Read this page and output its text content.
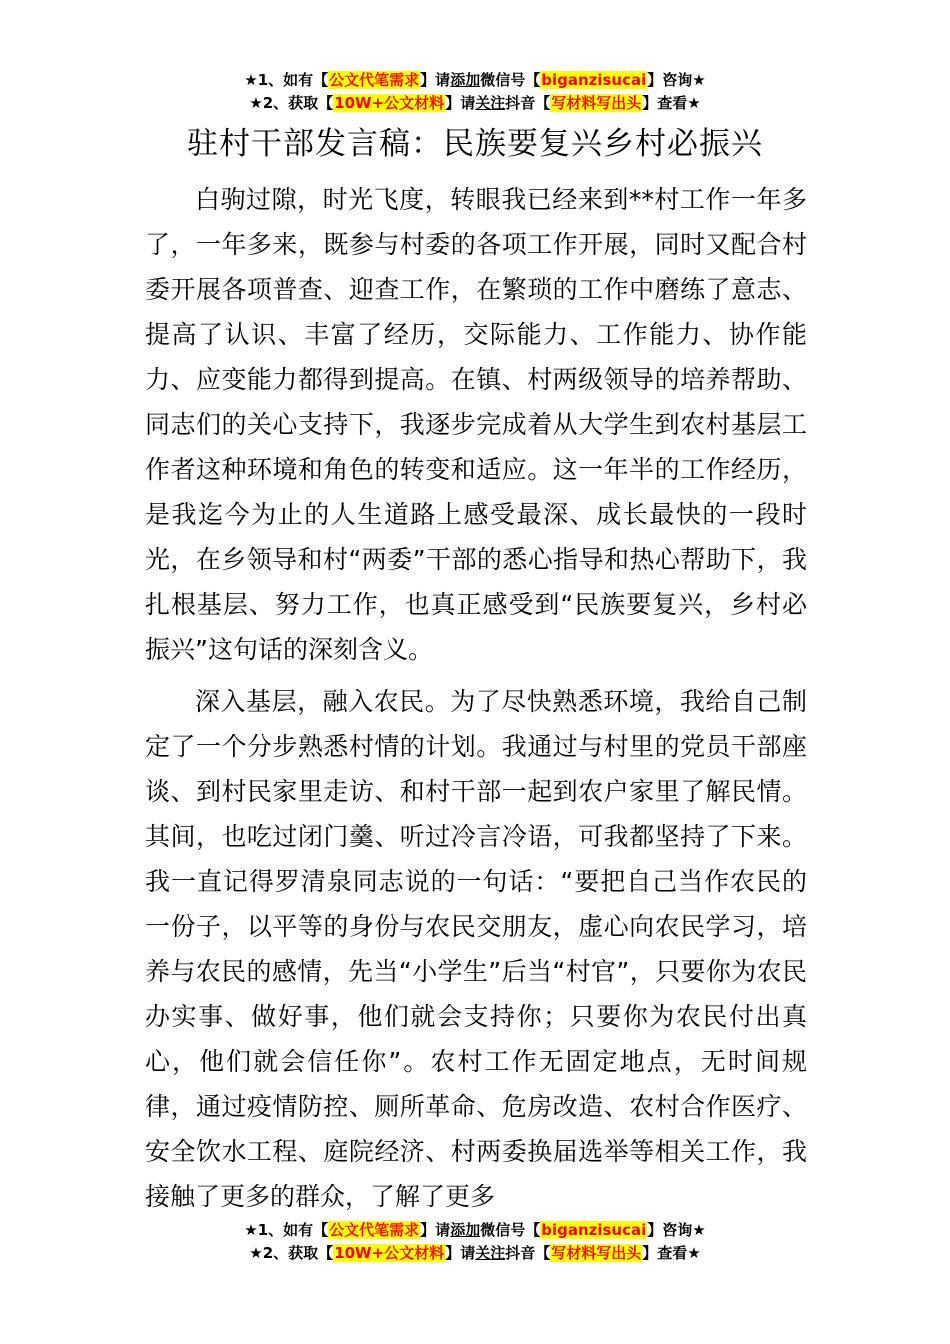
★1、如有【公文代笔需求】请添加微信号【biganzisucai】咨询★
★2、获取【10W+公文材料】请关注抖音【写材料写出头】查看★
驻村干部发言稿：民族要复兴乡村必振兴

白驹过隙，时光飞度，转眼我已经来到**村工作一年多了，一年多来，既参与村委的各项工作开展，同时又配合村委开展各项普查、迎查工作，在繁琐的工作中磨练了意志、提高了认识、丰富了经历，交际能力、工作能力、协作能力、应变能力都得到提高。在镇、村两级领导的培养帮助、同志们的关心支持下，我逐步完成着从大学生到农村基层工作者这种环境和角色的转变和适应。这一年半的工作经历，是我迄今为止的人生道路上感受最深、成长最快的一段时光，在乡领导和村“两委”干部的悉心指导和热心帮助下，我扎根基层、努力工作，也真正感受到“民族要复兴，乡村必振兴”这句话的深刻含义。

深入基层，融入农民。为了尽快熟悉环境，我给自己制定了一个分步熟悉村情的计划。我通过与村里的党员干部座谈、到村民家里走访、和村干部一起到农户家里了解民情。其间，也吃过闭门羹、听过冷言冷语，可我都坚持了下来。我一直记得罗清泉同志说的一句话：“要把自己当作农民的一份子，以平等的身份与农民交朋友，虚心向农民学习，培养与农民的感情，先当“小学生”后当“村官”，只要你为农民办实事、做好事，他们就会支持你；只要你为农民付出真心，他们就会信任你”。农村工作无固定地点，无时间规律，通过疫情防控、厕所革命、危房改造、农村合作医疗、安全饮水工程、庭院经济、村两委换届选举等相关工作，我接触了更多的群众，了解了更多

★1、如有【公文代笔需求】请添加微信号【biganzisucai】咨询★
★2、获取【10W+公文材料】请关注抖音【写材料写出头】查看★
